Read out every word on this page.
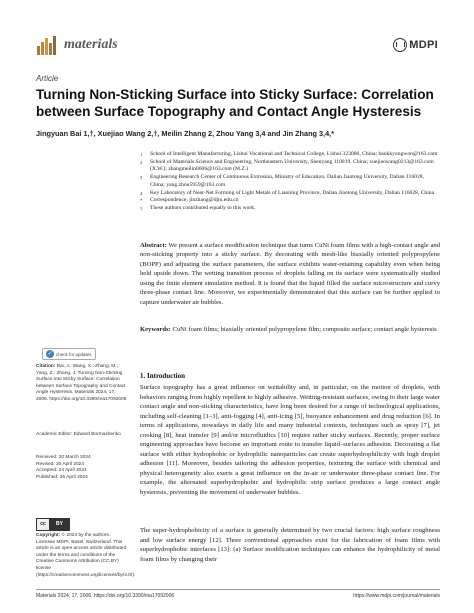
materials	MDPI
Article
Turning Non-Sticking Surface into Sticky Surface: Correlation between Surface Topography and Contact Angle Hysteresis
Jingyuan Bai 1,†, Xuejiao Wang 2,†, Meilin Zhang 2, Zhou Yang 3,4 and Jin Zhang 3,4,*
1	School of Intelligent Manufacturing, Lishui Vocational and Technical College, Lishui 323000, China; baokkyungwon@163.com
2	School of Materials Science and Engineering, Northeastern University, Shenyang 110819, China; xuejiaowang0213@163.com (X.W.); zhangmeilin0606@163.com (M.Z.)
3	Engineering Research Center of Continuous Extrusion, Ministry of Education, Dalian Jiaotong University, Dalian 116028, China; yang.zhou5959@163.com
4	Key Laboratory of Near-Net Forming of Light Metals of Liaoning Province, Dalian Jiaotong University, Dalian 116028, China
*	Correspondence: jinzhang@djtu.edu.cn
†	These authors contributed equally to this work.
Abstract: We present a surface modification technique that turns CuNi foam films with a high-contact angle and non-sticking property into a sticky surface. By decorating with mesh-like biaxially oriented polypropylene (BOPP) and adjusting the surface parameters, the surface exhibits water-retaining capability even when being held upside down. The wetting transition process of droplets falling on its surface were systematically studied using the finite element simulation method. It is found that the liquid filled the surface microstructure and curvy three-phase contact line. Moreover, we experimentally demonstrated that this surface can be further applied to capture underwater air bubbles.
Keywords: CuNi foam films; biaxially oriented polypropylene film; composite surface; contact angle hysteresis
✓ check for updates
Citation: Bai, J.; Wang, X.; Zhang, M.; Yang, Z.; Zhang, J. Turning Non-Sticking Surface into Sticky Surface: Correlation between Surface Topography and Contact Angle Hysteresis. Materials 2024, 17, 2006. https://doi.org/10.3390/ma17092006
Academic Editor: Edward Bormashenko
Received: 20 March 2024
Revised: 20 April 2024
Accepted: 24 April 2024
Published: 25 April 2024
cc	BY
Copyright: © 2024 by the authors. Licensee MDPI, Basel, Switzerland. This article is an open access article distributed under the terms and conditions of the Creative Commons Attribution (CC BY) license (https://creativecommons.org/licenses/by/4.0/).
1. Introduction
Surface topography has a great influence on wettability and, in particular, on the motion of droplets, with behaviors ranging from highly repellent to highly adhesive. Wetting-resistant surfaces, owing to their large water contact angle and non-sticking characteristics, have long been desired for a range of technological applications, including self-cleaning [1–3], anti-fogging [4], anti-icing [5], buoyance enhancement and drug reduction [6]. In terms of applications, nowadays in daily life and many industrial contexts, techniques such as spray [7], jet cooking [8], heat transfer [9] and/or microfluidics [10] require rather sticky surfaces. Recently, proper surface engineering approaches have become an important route to transfer liquid–surfaces adhesion. Decorating a flat surface with either hydrophobic or hydrophilic nanoparticles can create superhydrophilicity with high droplet adhesion [11]. Moreover, besides tailoring the adhesion properties, texturing the surface with chemical and physical heterogeneity also exerts a great influence on the in-air or underwater three-phase contact line. For example, the alternated superhydrophobic and hydrophilic strip surface produces a large contact angle hysteresis, preventing the movement of underwater bubbles.
The super-hydrophobicity of a surface is generally determined by two crucial factors: high surface roughness and low surface energy [12]. Three conventional approaches exist for the fabrication of foam films with superhydrophobic interfaces [13]: (a) Surface modification techniques can enhance the hydrophilicity of metal foam films by changing their
Materials 2024, 17, 2006. https://doi.org/10.3390/ma17092006	https://www.mdpi.com/journal/materials
